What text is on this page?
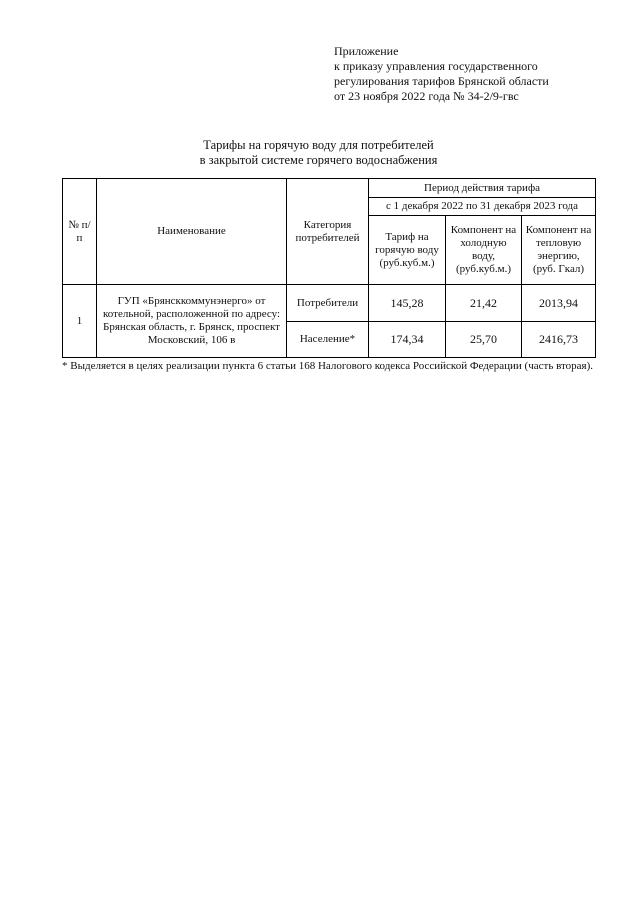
Приложение
к приказу управления государственного
регулирования тарифов Брянской области
от 23 ноября 2022 года № 34-2/9-гвс
Тарифы на горячую воду для потребителей
в закрытой системе горячего водоснабжения
№ п/п	Наименование	Категория потребителей	Период действия тарифа		
			с 1 декабря 2022 по 31 декабря 2023 года		
			Тариф на горячую воду (руб.куб.м.)	Компонент на холодную воду, (руб.куб.м.)	Компонент на тепловую энергию, (руб. Гкал)
1	ГУП «Брянсккоммунэнерго» от котельной, расположенной по адресу: Брянская область, г. Брянск, проспект Московский, 106 в	Потребители	145,28	21,42	2013,94
		Население*	174,34	25,70	2416,73
* Выделяется в целях реализации пункта 6 статьи 168 Налогового кодекса Российской Федерации (часть вторая).
